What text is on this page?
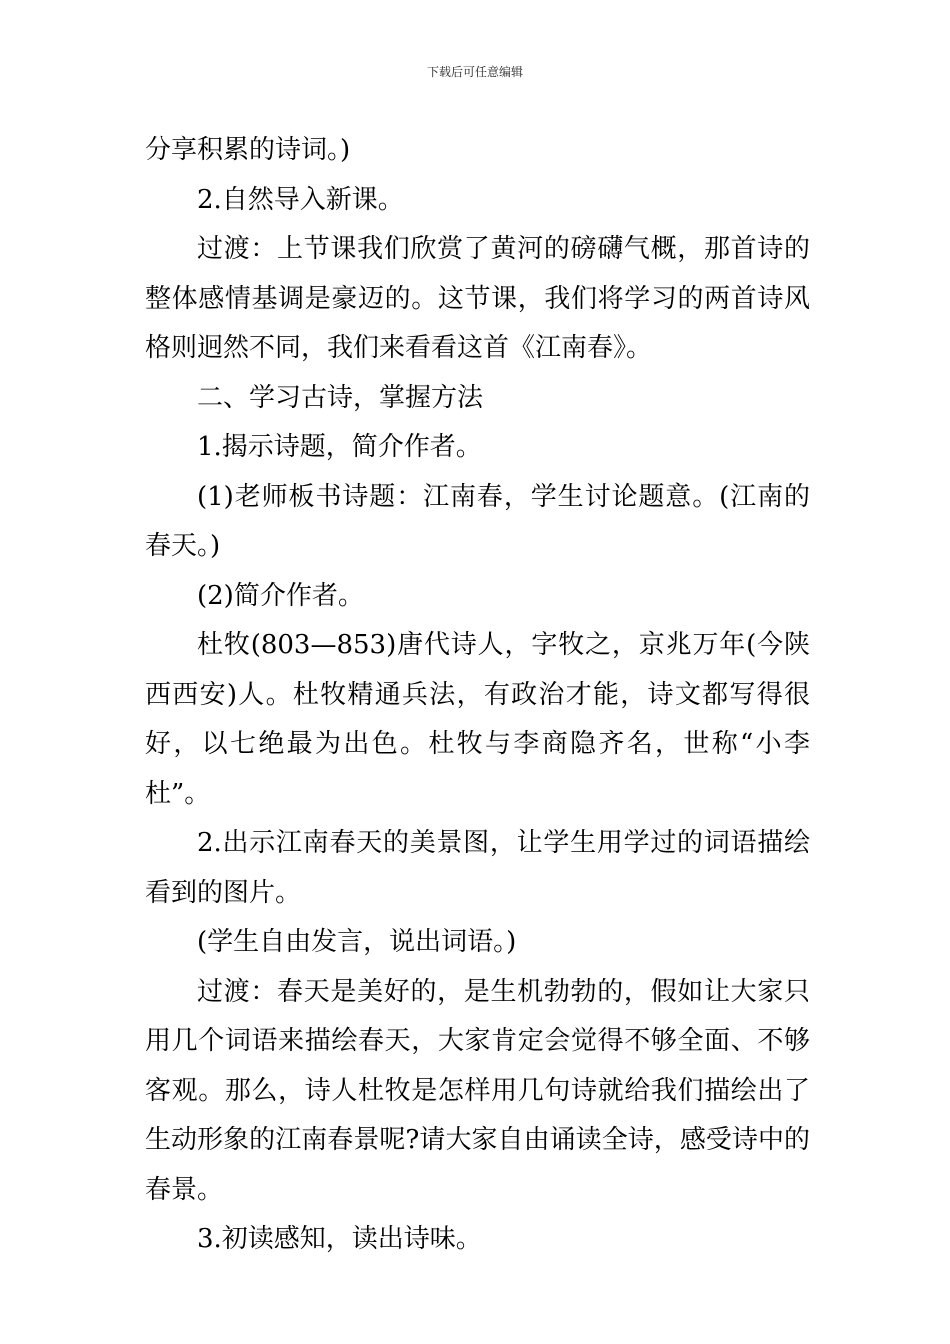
下载后可任意编辑

分享积累的诗词。)

2.自然导入新课。

过渡：上节课我们欣赏了黄河的磅礴气概，那首诗的整体感情基调是豪迈的。这节课，我们将学习的两首诗风格则迥然不同，我们来看看这首《江南春》。

二、学习古诗，掌握方法

1.揭示诗题，简介作者。

(1)老师板书诗题：江南春，学生讨论题意。(江南的春天。)

(2)简介作者。

杜牧(803—853)唐代诗人，字牧之，京兆万年(今陕西西安)人。杜牧精通兵法，有政治才能，诗文都写得很好，以七绝最为出色。杜牧与李商隐齐名，世称“小李杜”。

2.出示江南春天的美景图，让学生用学过的词语描绘看到的图片。

(学生自由发言，说出词语。)

过渡：春天是美好的，是生机勃勃的，假如让大家只用几个词语来描绘春天，大家肯定会觉得不够全面、不够客观。那么，诗人杜牧是怎样用几句诗就给我们描绘出了生动形象的江南春景呢?请大家自由诵读全诗，感受诗中的春景。

3.初读感知，读出诗味。
